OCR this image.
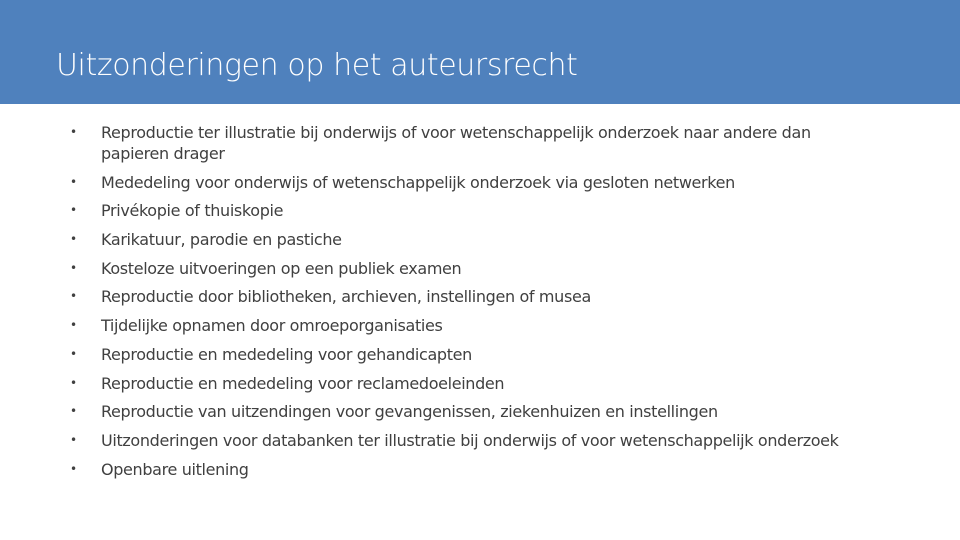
Uitzonderingen op het auteursrecht
• Reproductie ter illustratie bij onderwijs of voor wetenschappelijk onderzoek naar andere dan papieren drager
• Mededeling voor onderwijs of wetenschappelijk onderzoek via gesloten netwerken
• Privékopie of thuiskopie
• Karikatuur, parodie en pastiche
• Kosteloze uitvoeringen op een publiek examen
• Reproductie door bibliotheken, archieven, instellingen of musea
• Tijdelijke opnamen door omroeporganisaties
• Reproductie en mededeling voor gehandicapten
• Reproductie en mededeling voor reclamedoeleinden
• Reproductie van uitzendingen voor gevangenissen, ziekenhuizen en instellingen
• Uitzonderingen voor databanken ter illustratie bij onderwijs of voor wetenschappelijk onderzoek
• Openbare uitlening
